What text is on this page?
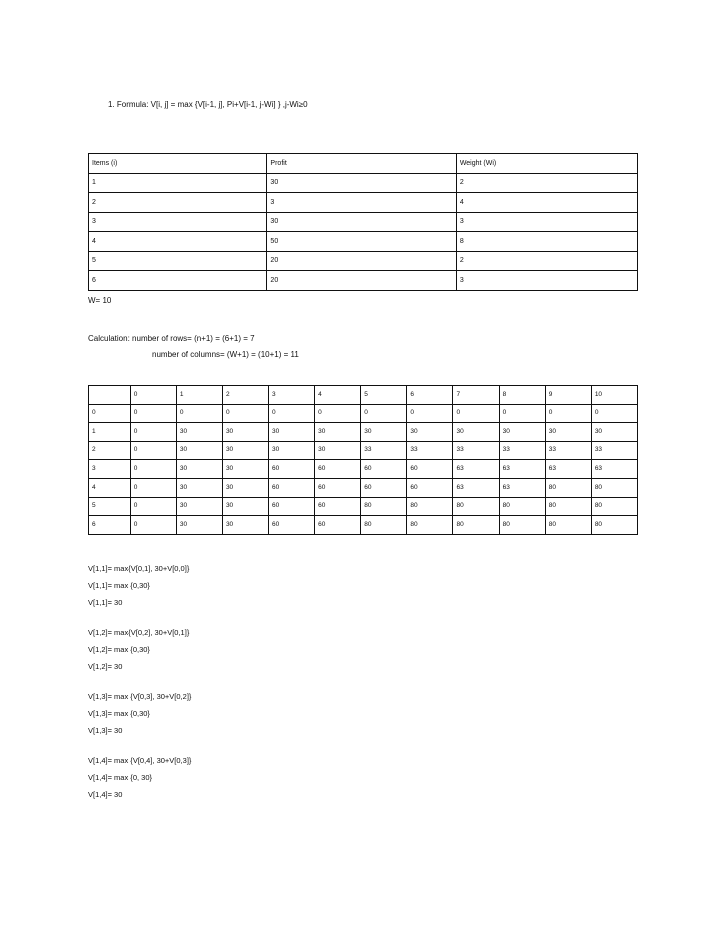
1. Formula: V[i, j] = max {V[i-1, j], Pi+V[i-1, j-Wi] } ,j-Wi≥0
Items (i)	Profit	Weight (Wi)
1	30	2
2	3	4
3	30	3
4	50	8
5	20	2
6	20	3
W= 10
Calculation: number of rows= (n+1) = (6+1) = 7
number of columns= (W+1) = (10+1) = 11
	0	1	2	3	4	5	6	7	8	9	10
0	0	0	0	0	0	0	0	0	0	0	0
1	0	30	30	30	30	30	30	30	30	30	30
2	0	30	30	30	30	33	33	33	33	33	33
3	0	30	30	60	60	60	60	63	63	63	63
4	0	30	30	60	60	60	60	63	63	80	80
5	0	30	30	60	60	80	80	80	80	80	80
6	0	30	30	60	60	80	80	80	80	80	80
V[1,1]= max{V[0,1], 30+V[0,0]}
V[1,1]= max {0,30}
V[1,1]= 30
V[1,2]= max{V[0,2], 30+V[0,1]}
V[1,2]= max {0,30}
V[1,2]= 30
V[1,3]= max {V[0,3], 30+V[0,2]}
V[1,3]= max {0,30}
V[1,3]= 30
V[1,4]= max {V[0,4], 30+V[0,3]}
V[1,4]= max {0, 30}
V[1,4]= 30
